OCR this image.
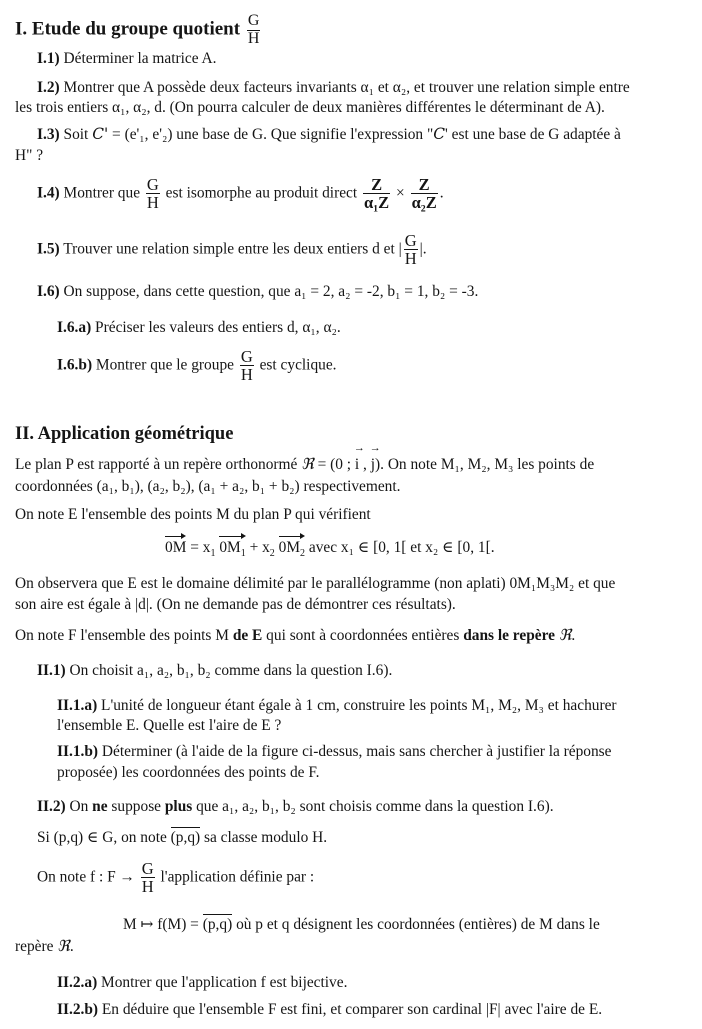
I. Etude du groupe quotient $\frac{G}{H}$
I.1) Déterminer la matrice A.
I.2) Montrer que A possède deux facteurs invariants α₁ et α₂, et trouver une relation simple entre
les trois entiers α₁, α₂, d. (On pourra calculer de deux manières différentes le déterminant de A).
I.3) Soit C' = (e'₁, e'₂) une base de G. Que signifie l'expression "C' est une base de G adaptée à
H" ?
I.4) Montrer que $\frac{G}{H}$ est isomorphe au produit direct $\frac{Z}{\text{α₁Z}} \times \frac{Z}{\text{α₂Z}}$ .
I.5) Trouver une relation simple entre les deux entiers d et | $\frac{G}{H}$ |.
I.6) On suppose, dans cette question, que a₁ = 2, a₂ = -2, b₁ = 1, b₂ = -3.
I.6.a) Préciser les valeurs des entiers d, α₁, α₂.
I.6.b) Montrer que le groupe $\frac{G}{H}$ est cyclique.
II. Application géométrique
Le plan P est rapporté à un repère orthonormé ℜ = (0 ; i → , j →). On note M₁, M₂, M₃ les points de
coordonnées (a₁, b₁), (a₂, b₂), (a₁ + a₂, b₁ + b₂) respectivement.
On note E l'ensemble des points M du plan P qui vérifient
$0M = x_1$ $0M_1 + x_2$ $0M_2$ avec x₁ ∈ [0, 1[ et x₂ ∈ [0, 1[.
On observera que E est le domaine délimité par le parallélogramme (non aplati) 0M₁M₃M₂ et que
son aire est égale à |d|. (On ne demande pas de démontrer ces résultats).
On note F l'ensemble des points M de E qui sont à coordonnées entières dans le repère ℜ.
II.1) On choisit a₁, a₂, b₁, b₂ comme dans la question I.6).
II.1.a) L'unité de longueur étant égale à 1 cm, construire les points M₁, M₂, M₃ et hachurer
l'ensemble E. Quelle est l'aire de E ?
II.1.b) Déterminer (à l'aide de la figure ci-dessus, mais sans chercher à justifier la réponse
proposée) les coordonnées des points de F.
II.2) On ne suppose plus que a₁, a₂, b₁, b₂ sont choisis comme dans la question I.6).
Si (p,q) ∈ G, on note (p,q) sa classe modulo H.
On note f : $F \to \frac{G}{H}$ l'application définie par :
M ↦ f(M) = (p,q) où p et q désignent les coordonnées (entières) de M dans le
repère ℜ.
II.2.a) Montrer que l'application f est bijective.
II.2.b) En déduire que l'ensemble F est fini, et comparer son cardinal |F| avec l'aire de E.
